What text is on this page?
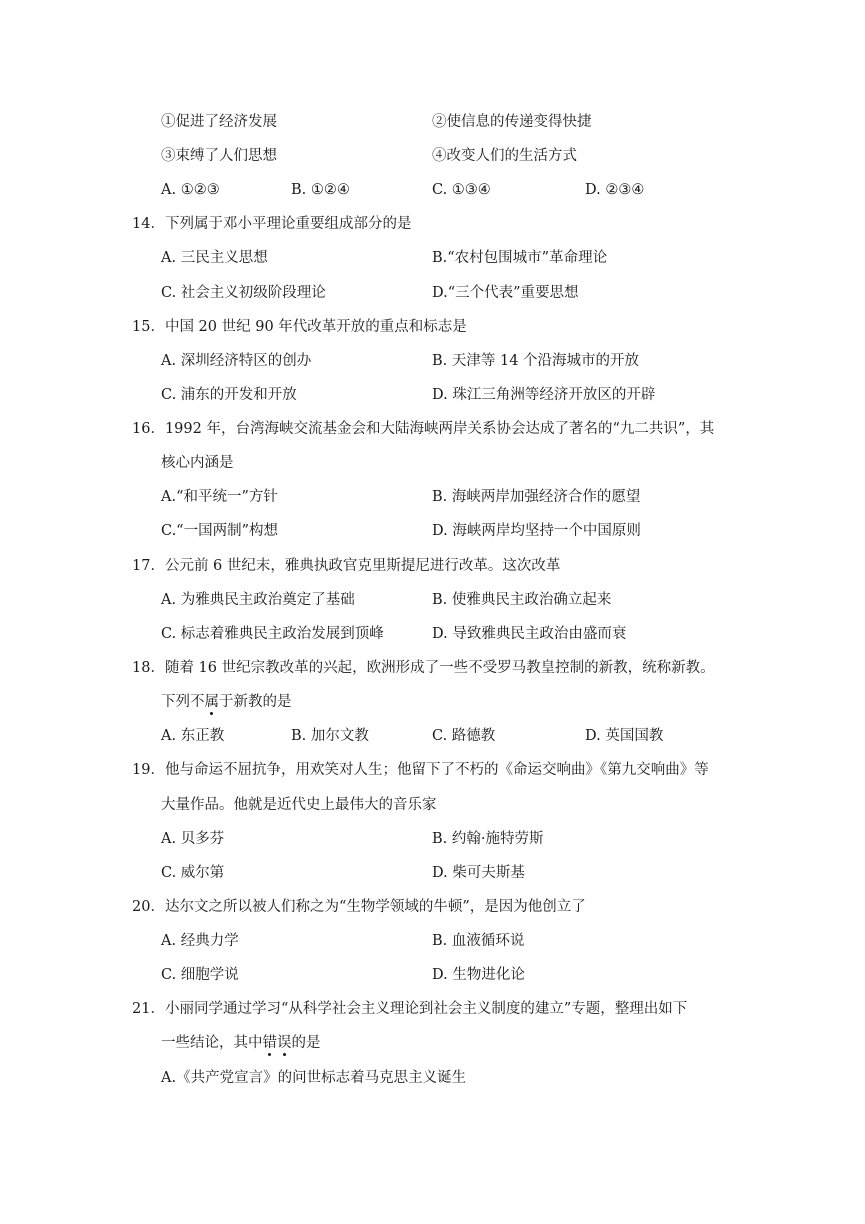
①促进了经济发展	②使信息的传递变得快捷
③束缚了人们思想	④改变人们的生活方式
A. ①②③	B. ①②④	C. ①③④	D. ②③④
14．下列属于邓小平理论重要组成部分的是
A. 三民主义思想	B.“农村包围城市”革命理论
C. 社会主义初级阶段理论	D.“三个代表”重要思想
15．中国 20 世纪 90 年代改革开放的重点和标志是
A. 深圳经济特区的创办	B. 天津等 14 个沿海城市的开放
C. 浦东的开发和开放	D. 珠江三角洲等经济开放区的开辟
16．1992 年，台湾海峡交流基金会和大陆海峡两岸关系协会达成了著名的“九二共识”，其
核心内涵是
A.“和平统一”方针	B. 海峡两岸加强经济合作的愿望
C.“一国两制”构想	D. 海峡两岸均坚持一个中国原则
17．公元前 6 世纪末，雅典执政官克里斯提尼进行改革。这次改革
A. 为雅典民主政治奠定了基础	B. 使雅典民主政治确立起来
C. 标志着雅典民主政治发展到顶峰	D. 导致雅典民主政治由盛而衰
18．随着 16 世纪宗教改革的兴起，欧洲形成了一些不受罗马教皇控制的新教，统称新教。
下列不属于新教的是
A. 东正教	B. 加尔文教	C. 路德教	D. 英国国教
19．他与命运不屈抗争，用欢笑对人生；他留下了不朽的《命运交响曲》《第九交响曲》等
大量作品。他就是近代史上最伟大的音乐家
A. 贝多芬	B. 约翰·施特劳斯
C. 威尔第	D. 柴可夫斯基
20．达尔文之所以被人们称之为“生物学领域的牛顿”，是因为他创立了
A. 经典力学	B. 血液循环说
C. 细胞学说	D. 生物进化论
21．小丽同学通过学习“从科学社会主义理论到社会主义制度的建立”专题，整理出如下
一些结论，其中错误的是
A.《共产党宣言》的问世标志着马克思主义诞生
